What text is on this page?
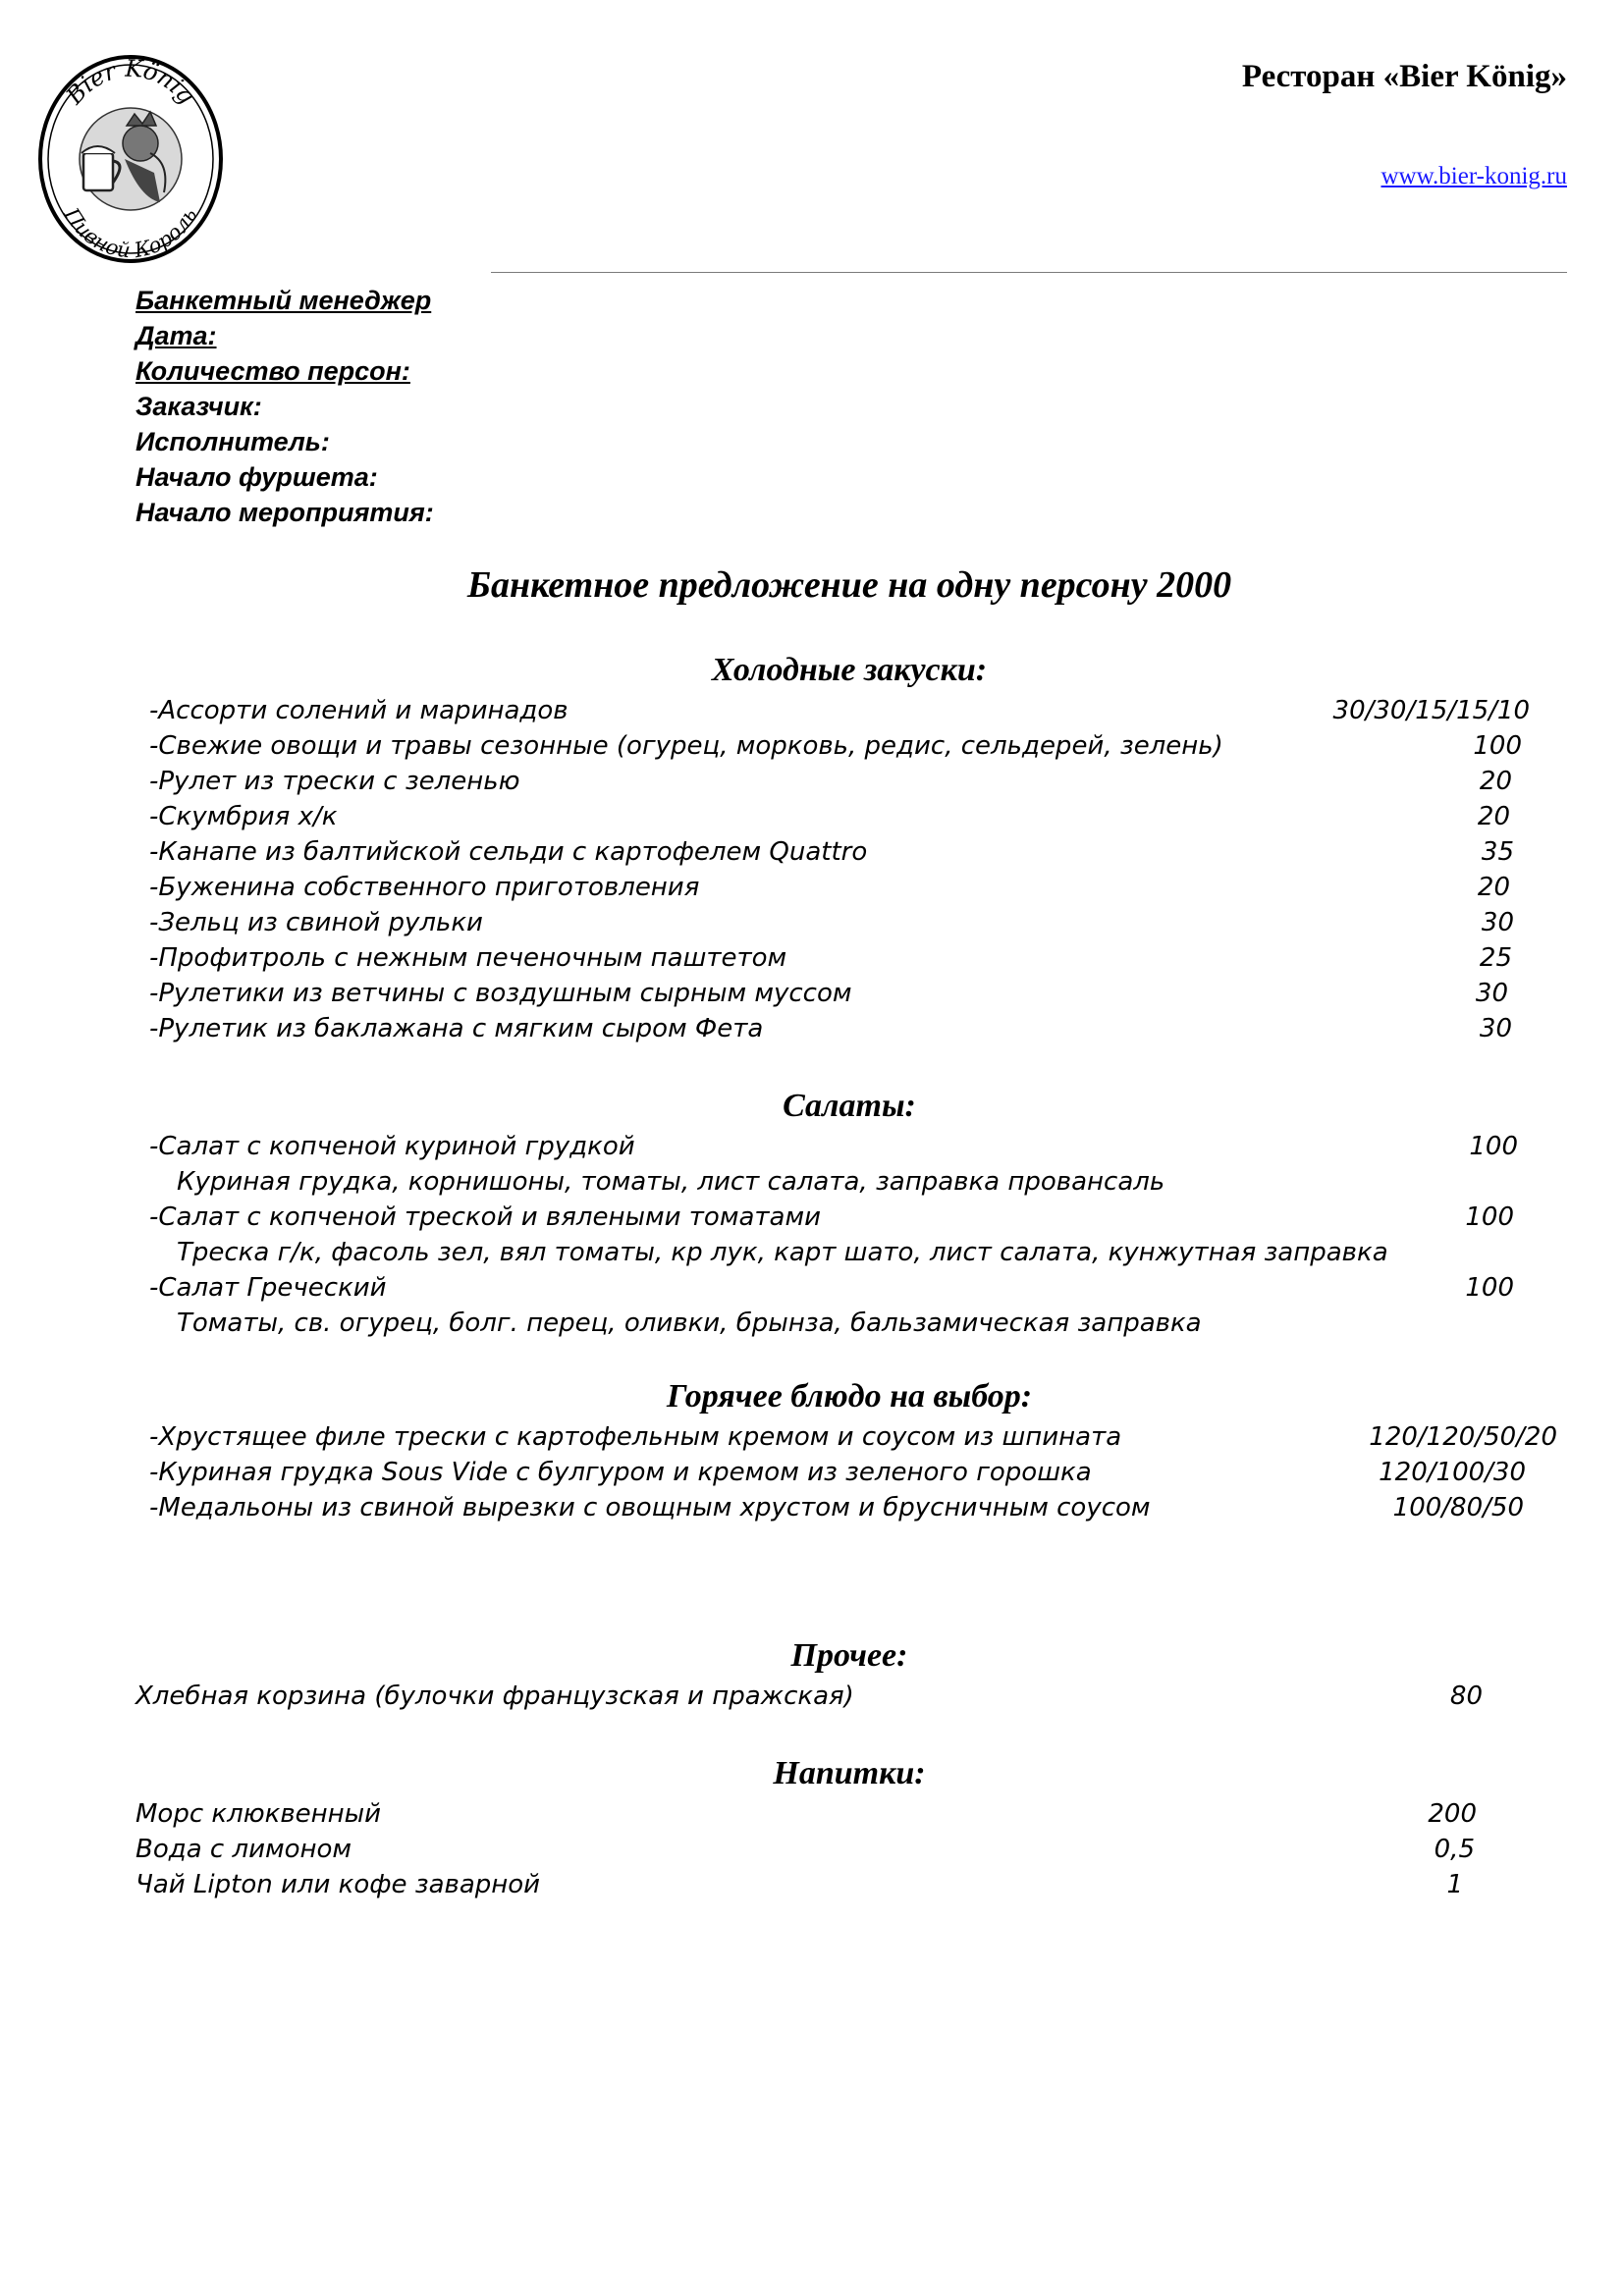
Bier König
Пивной Король
Ресторан «Bier König»
www.bier-konig.ru
Банкетный менеджер
Дата:
Количество персон:
Заказчик:
Исполнитель:
Начало фуршета:
Начало мероприятия:
Банкетное предложение на одну персону 2000
Холодные закуски:
-Ассорти солений и маринадов	30/30/15/15/10
-Свежие овощи и травы сезонные (огурец, морковь, редис, сельдерей, зелень)	100
-Рулет из трески с зеленью	20
-Скумбрия х/к	20
-Канапе из балтийской сельди с картофелем Quattro	35
-Буженина собственного приготовления	20
-Зельц из свиной рульки	30
-Профитроль с нежным печеночным паштетом	25
-Рулетики из ветчины с воздушным сырным муссом	30
-Рулетик из баклажана с мягким сыром Фета	30
Салаты:
-Салат с копченой куриной грудкой	100
Куриная грудка, корнишоны, томаты, лист салата, заправка провансаль
-Салат с копченой треской и вялеными томатами	100
Треска г/к, фасоль зел, вял томаты, кр лук, карт шато, лист салата, кунжутная заправка
-Салат Греческий	100
Томаты, св. огурец, болг. перец, оливки, брынза, бальзамическая заправка
Горячее блюдо на выбор:
-Хрустящее филе трески с картофельным кремом и соусом из шпината	120/120/50/20
-Куриная грудка Sous Vide с булгуром и кремом из зеленого горошка	120/100/30
-Медальоны из свиной вырезки с овощным хрустом и брусничным соусом	100/80/50
Прочее:
Хлебная корзина (булочки французская и пражская)	80
Напитки:
Морс клюквенный	200
Вода с лимоном	0,5
Чай Lipton или кофе заварной	1
